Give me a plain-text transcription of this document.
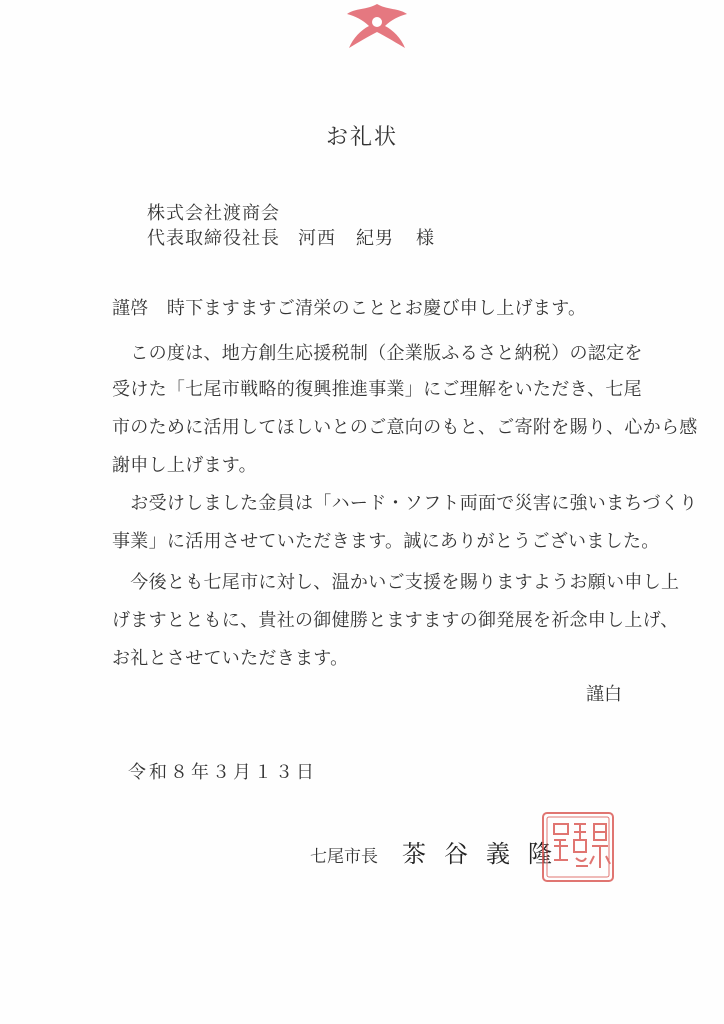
お礼状
株式会社渡商会
代表取締役社長 河西 紀男 様
謹啓　時下ますますご清栄のこととお慶び申し上げます。
　この度は、地方創生応援税制（企業版ふるさと納税）の認定を
受けた「七尾市戦略的復興推進事業」にご理解をいただき、七尾
市のために活用してほしいとのご意向のもと、ご寄附を賜り、心から感
謝申し上げます。
　お受けしました金員は「ハード・ソフト両面で災害に強いまちづくり
事業」に活用させていただきます。誠にありがとうございました。
　今後とも七尾市に対し、温かいご支援を賜りますようお願い申し上
げますとともに、貴社の御健勝とますますの御発展を祈念申し上げ、
お礼とさせていただきます。
謹白
令和８年３月１３日
七尾市長 茶谷義隆
